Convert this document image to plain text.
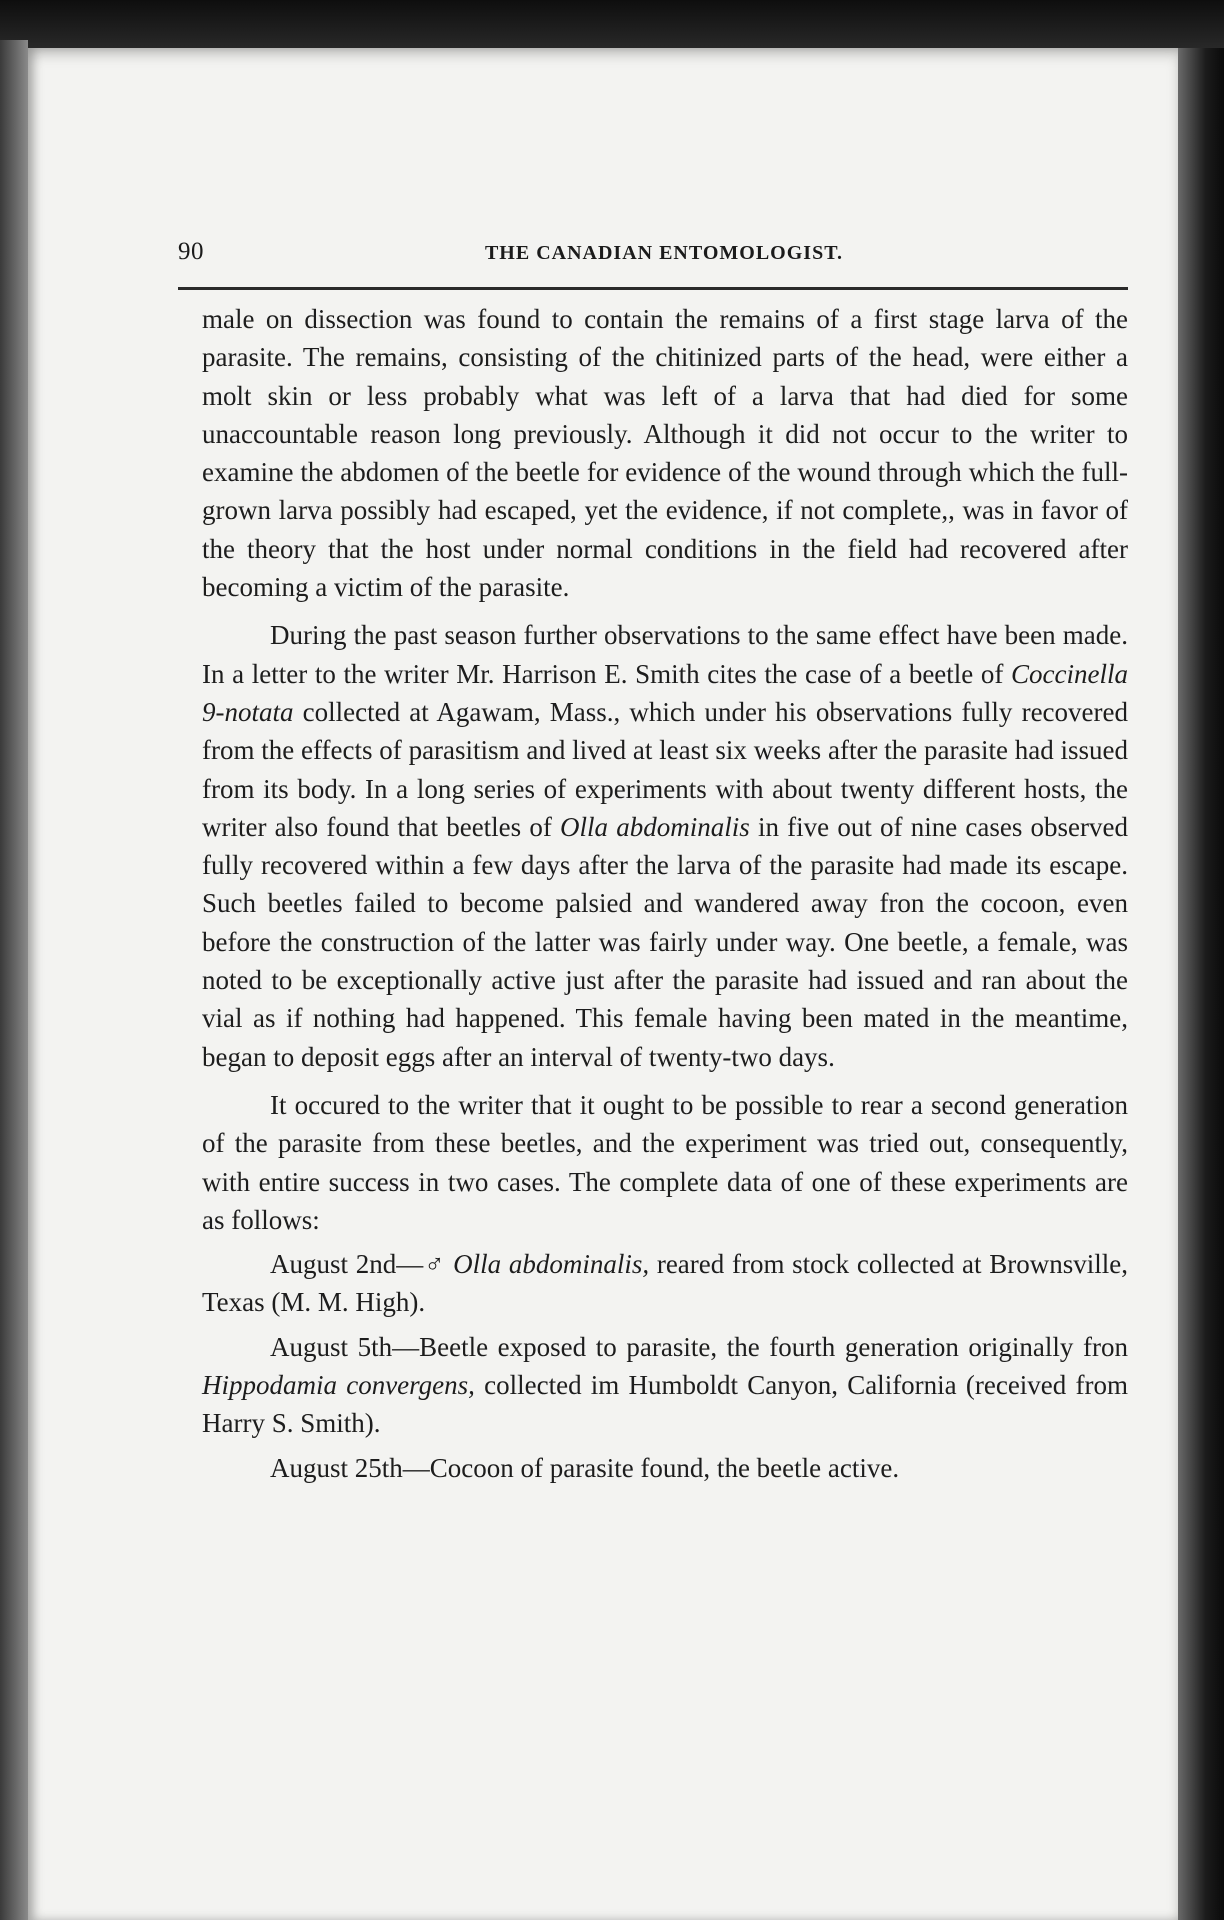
90	THE CANADIAN ENTOMOLOGIST.

male on dissection was found to contain the remains of a first stage larva of the parasite. The remains, consisting of the chitinized parts of the head, were either a molt skin or less probably what was left of a larva that had died for some unaccountable reason long previously. Although it did not occur to the writer to examine the abdomen of the beetle for evidence of the wound through which the full-grown larva possibly had escaped, yet the evidence, if not complete,, was in favor of the theory that the host under normal conditions in the field had recovered after becoming a victim of the parasite.

During the past season further observations to the same effect have been made. In a letter to the writer Mr. Harrison E. Smith cites the case of a beetle of Coccinella 9-notata collected at Agawam, Mass., which under his observations fully recovered from the effects of parasitism and lived at least six weeks after the parasite had issued from its body. In a long series of experiments with about twenty different hosts, the writer also found that beetles of Olla abdominalis in five out of nine cases observed fully recovered within a few days after the larva of the parasite had made its escape. Such beetles failed to become palsied and wandered away fron the cocoon, even before the construction of the latter was fairly under way. One beetle, a female, was noted to be exceptionally active just after the parasite had issued and ran about the vial as if nothing had happened. This female having been mated in the meantime, began to deposit eggs after an interval of twenty-two days.

It occured to the writer that it ought to be possible to rear a second generation of the parasite from these beetles, and the experiment was tried out, consequently, with entire success in two cases. The complete data of one of these experiments are as follows:

August 2nd—♂ Olla abdominalis, reared from stock collected at Brownsville, Texas (M. M. High).

August 5th—Beetle exposed to parasite, the fourth generation originally fron Hippodamia convergens, collected im Humboldt Canyon, California (received from Harry S. Smith).

August 25th—Cocoon of parasite found, the beetle active.
